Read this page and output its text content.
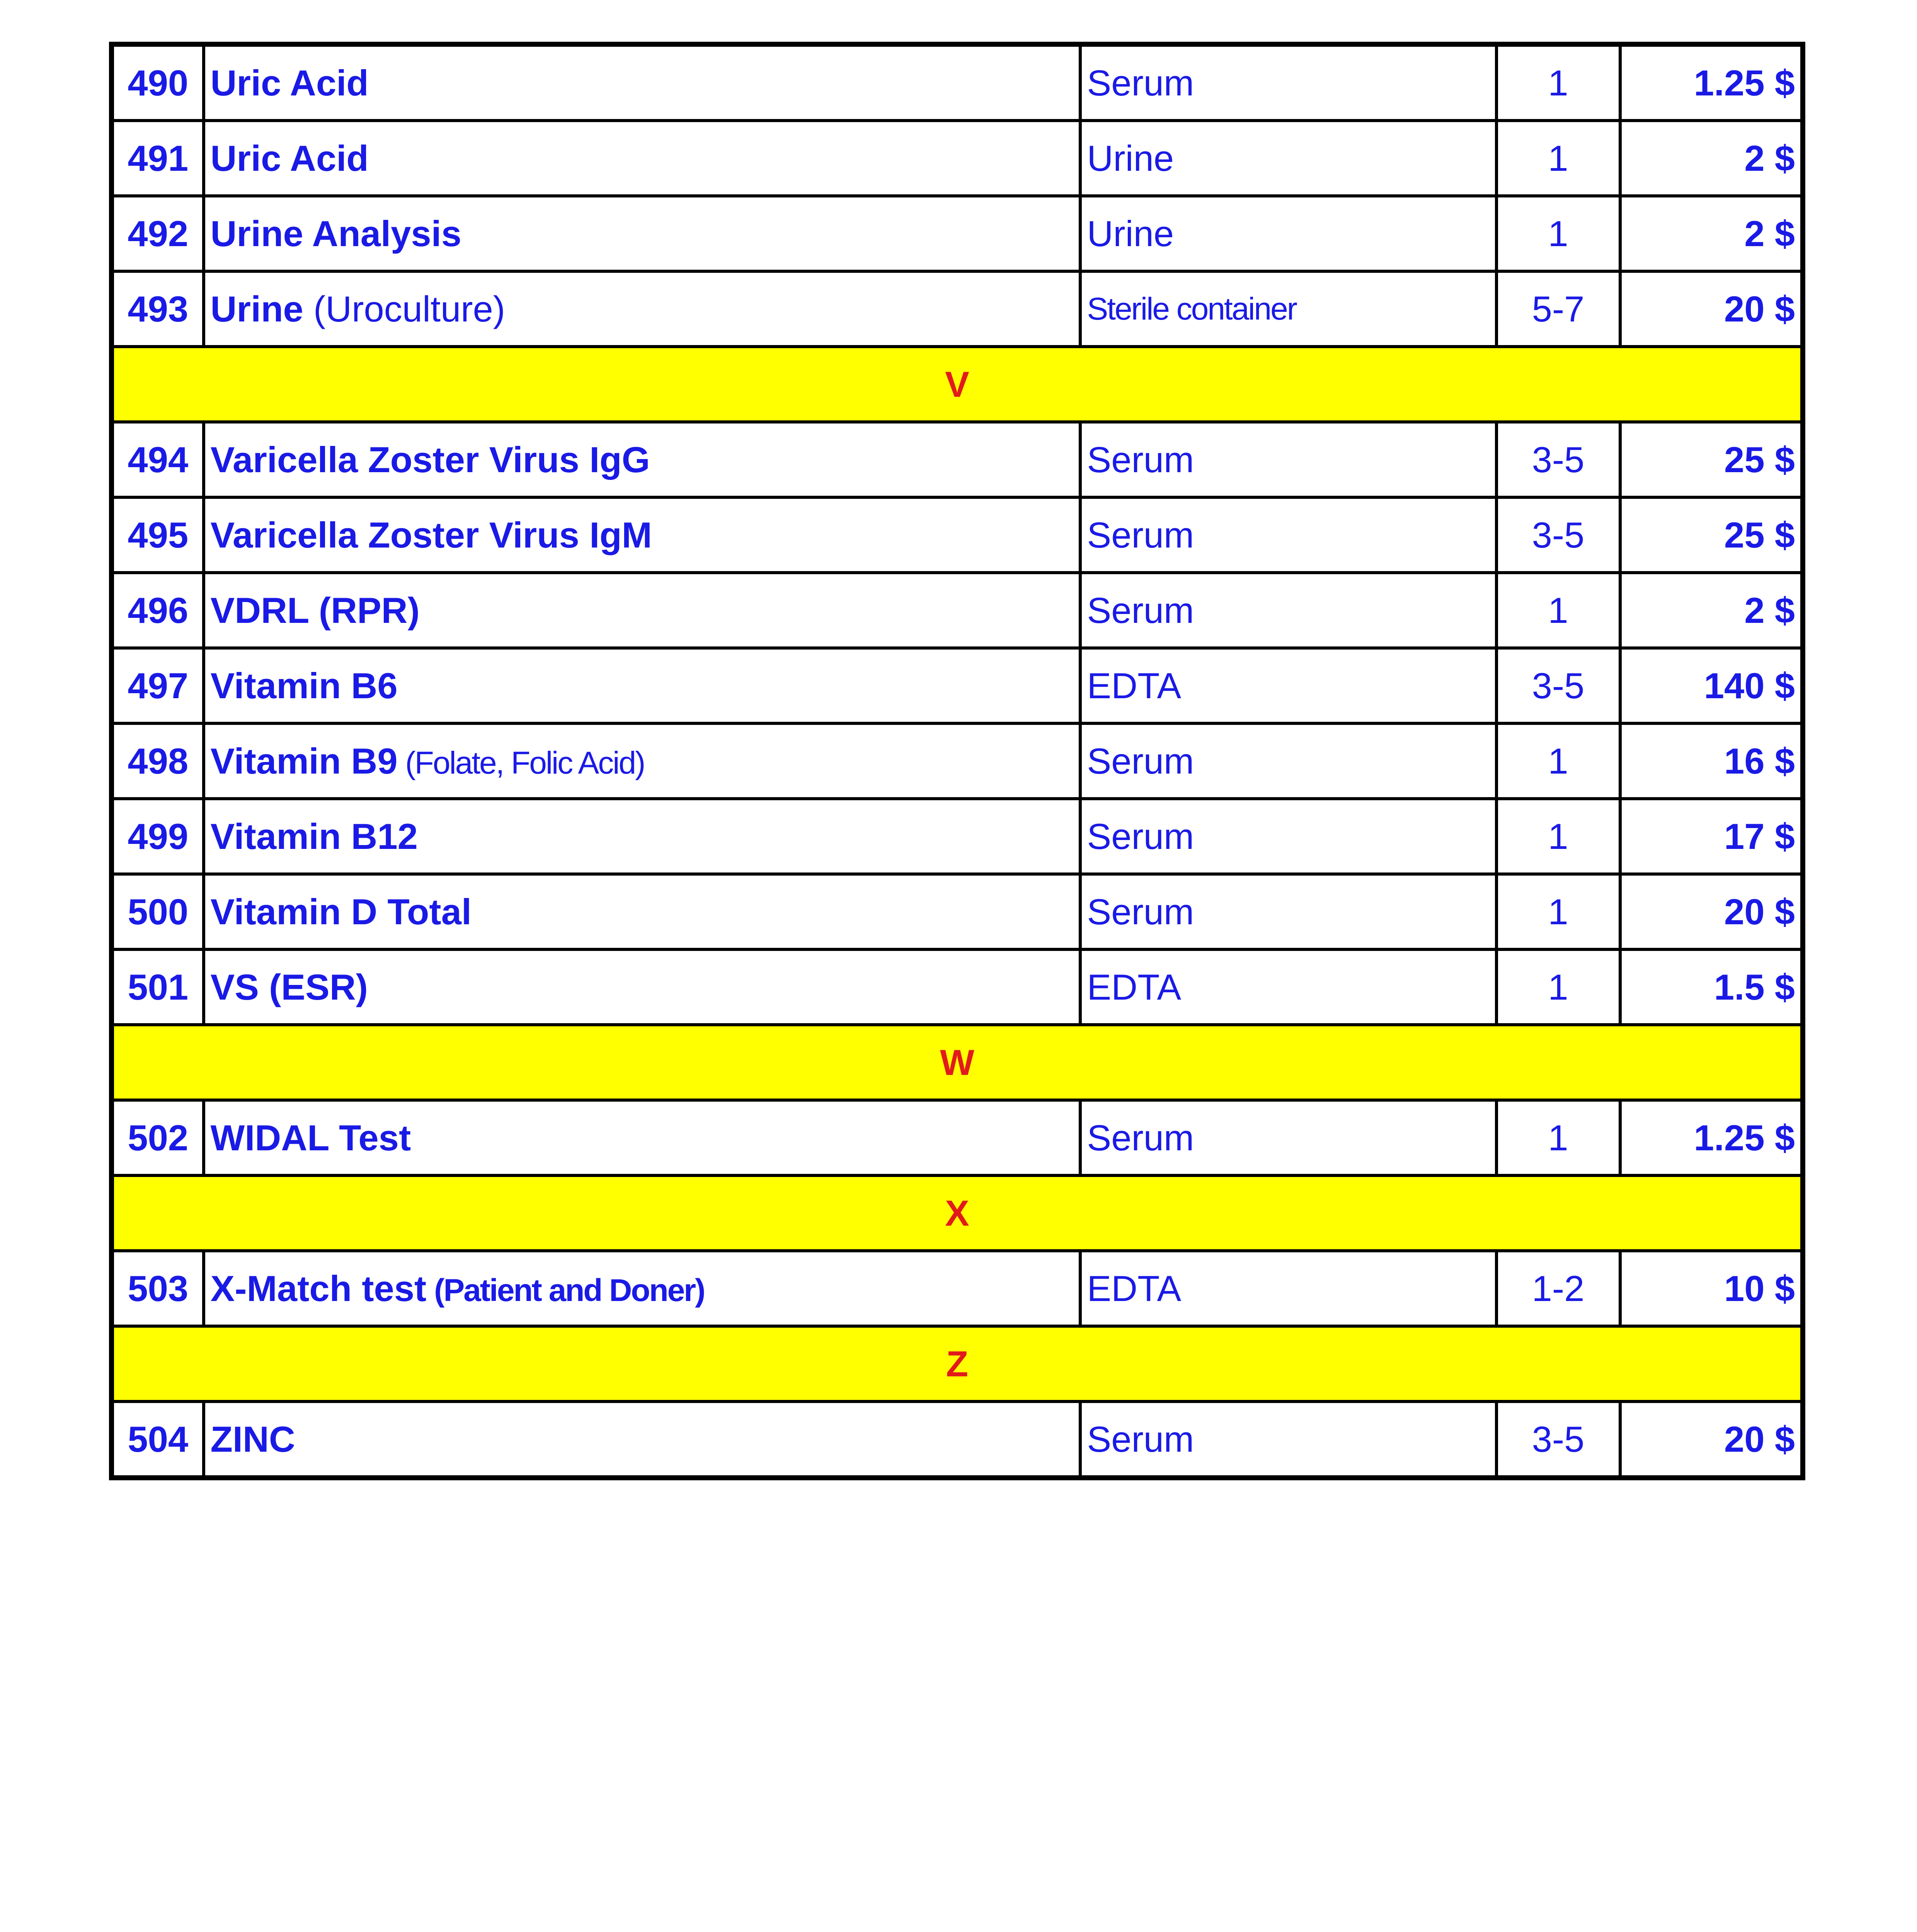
490	Uric Acid	Serum	1	1.25 $
491	Uric Acid	Urine	1	2 $
492	Urine Analysis	Urine	1	2 $
493	Urine (Uroculture)	Sterile container	5-7	20 $
V				
494	Varicella Zoster Virus IgG	Serum	3-5	25 $
495	Varicella Zoster Virus IgM	Serum	3-5	25 $
496	VDRL (RPR)	Serum	1	2 $
497	Vitamin B6	EDTA	3-5	140 $
498	Vitamin B9 (Folate, Folic Acid)	Serum	1	16 $
499	Vitamin B12	Serum	1	17 $
500	Vitamin D Total	Serum	1	20 $
501	VS (ESR)	EDTA	1	1.5 $
W				
502	WIDAL Test	Serum	1	1.25 $
X				
503	X-Match test (Patient and Doner)	EDTA	1-2	10 $
Z				
504	ZINC	Serum	3-5	20 $
